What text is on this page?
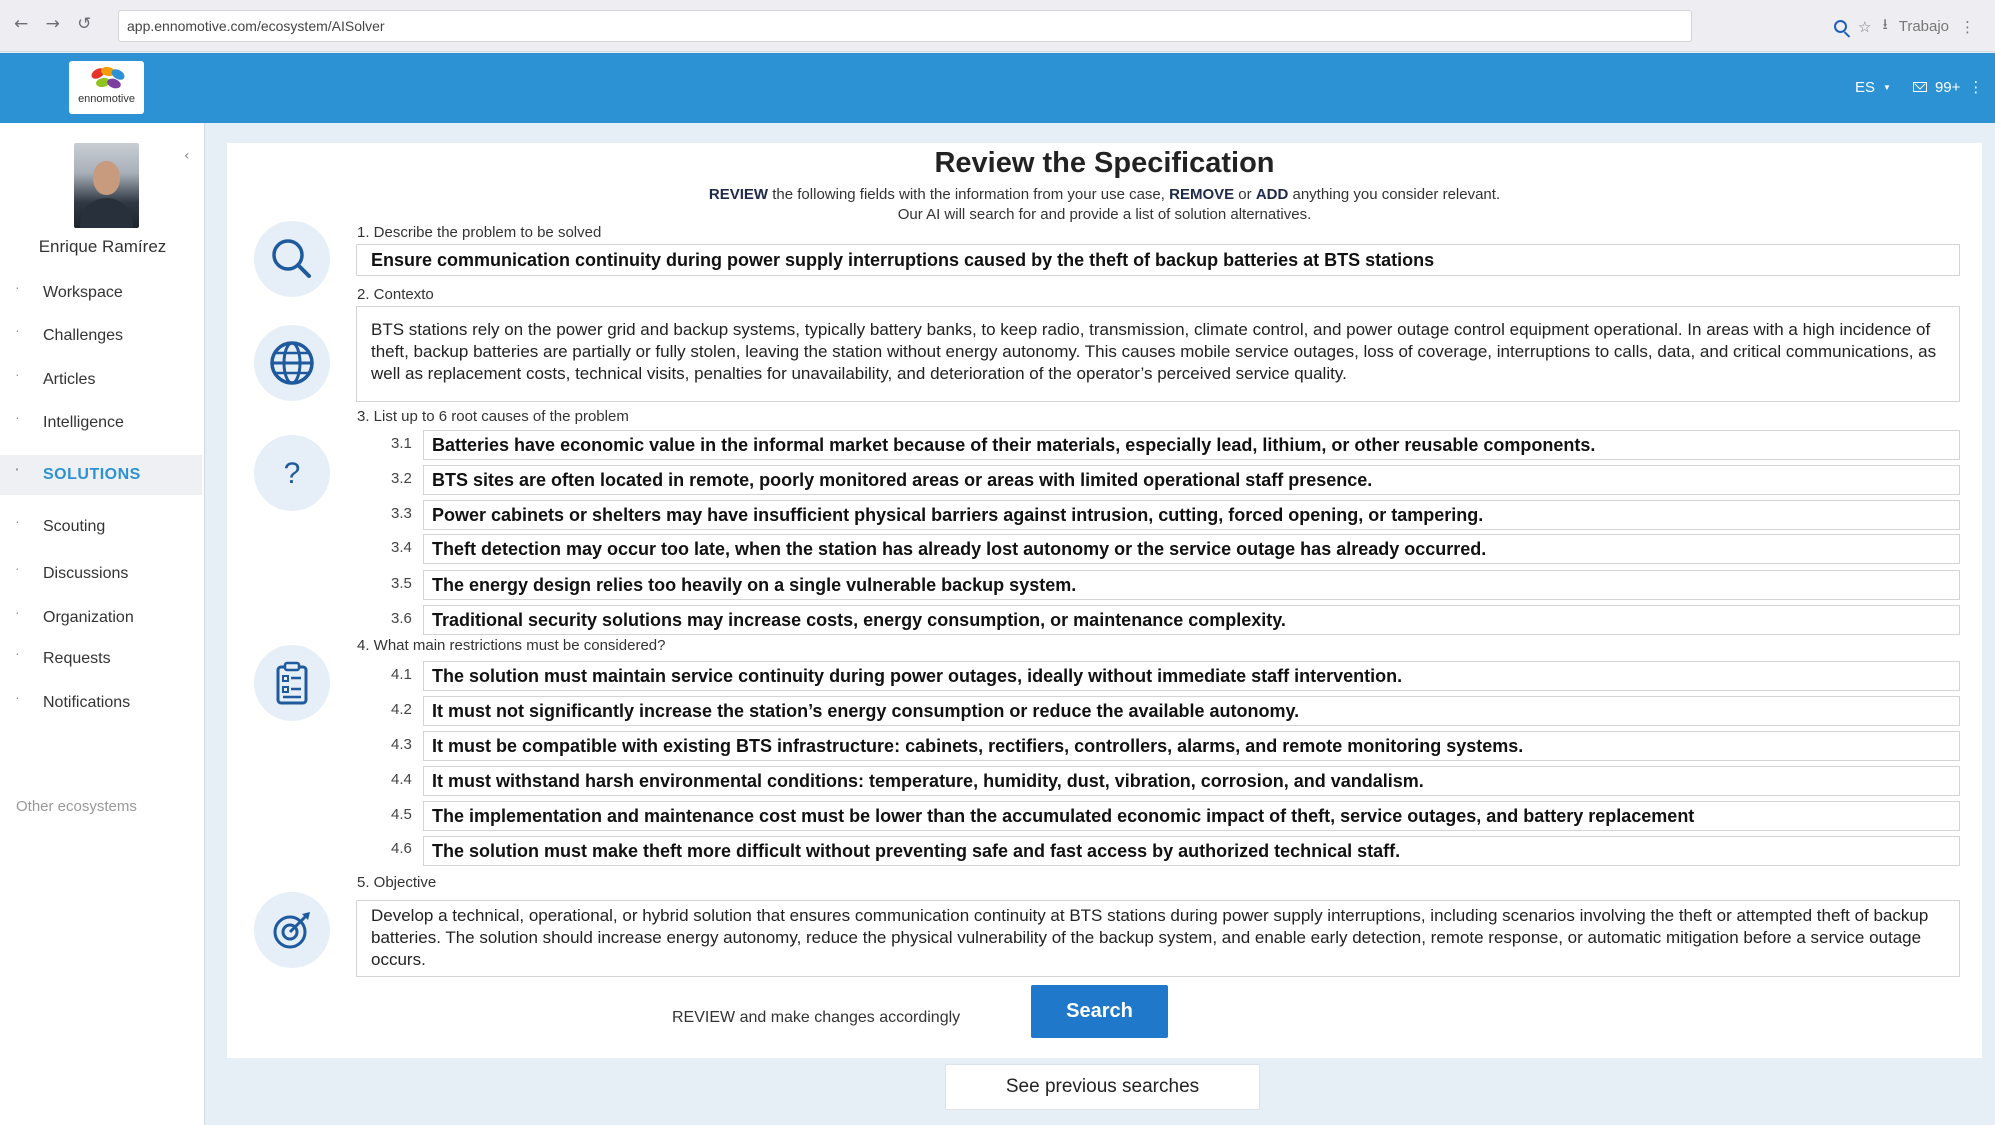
← → ↺	app.ennomotive.com/ecosystem/AISolver	☆ ⭳ Trabajo ⋮
ennomotive
ES ▼	99+ ⋮
‹
Enrique Ramírez
· Workspace
· Challenges
· Articles
· Intelligence
· SOLUTIONS
· Scouting
· Discussions
· Organization
· Requests
· Notifications
Other ecosystems
Review the Specification
REVIEW the following fields with the information from your use case, REMOVE or ADD anything you consider relevant.
Our AI will search for and provide a list of solution alternatives.
?
1. Describe the problem to be solved
Ensure communication continuity during power supply interruptions caused by the theft of backup batteries at BTS stations
2. Contexto
BTS stations rely on the power grid and backup systems, typically battery banks, to keep radio, transmission, climate control, and power outage control equipment operational. In areas with a high incidence of theft, backup batteries are partially or fully stolen, leaving the station without energy autonomy. This causes mobile service outages, loss of coverage, interruptions to calls, data, and critical communications, as well as replacement costs, technical visits, penalties for unavailability, and deterioration of the operator’s perceived service quality.
3. List up to 6 root causes of the problem
3.1	Batteries have economic value in the informal market because of their materials, especially lead, lithium, or other reusable components.
3.2	BTS sites are often located in remote, poorly monitored areas or areas with limited operational staff presence.
3.3	Power cabinets or shelters may have insufficient physical barriers against intrusion, cutting, forced opening, or tampering.
3.4	Theft detection may occur too late, when the station has already lost autonomy or the service outage has already occurred.
3.5	The energy design relies too heavily on a single vulnerable backup system.
3.6	Traditional security solutions may increase costs, energy consumption, or maintenance complexity.
4. What main restrictions must be considered?
4.1	The solution must maintain service continuity during power outages, ideally without immediate staff intervention.
4.2	It must not significantly increase the station’s energy consumption or reduce the available autonomy.
4.3	It must be compatible with existing BTS infrastructure: cabinets, rectifiers, controllers, alarms, and remote monitoring systems.
4.4	It must withstand harsh environmental conditions: temperature, humidity, dust, vibration, corrosion, and vandalism.
4.5	The implementation and maintenance cost must be lower than the accumulated economic impact of theft, service outages, and battery replacement
4.6	The solution must make theft more difficult without preventing safe and fast access by authorized technical staff.
5. Objective
Develop a technical, operational, or hybrid solution that ensures communication continuity at BTS stations during power supply interruptions, including scenarios involving the theft or attempted theft of backup batteries. The solution should increase energy autonomy, reduce the physical vulnerability of the backup system, and enable early detection, remote response, or automatic mitigation before a service outage occurs.
REVIEW and make changes accordingly	Search
See previous searches
